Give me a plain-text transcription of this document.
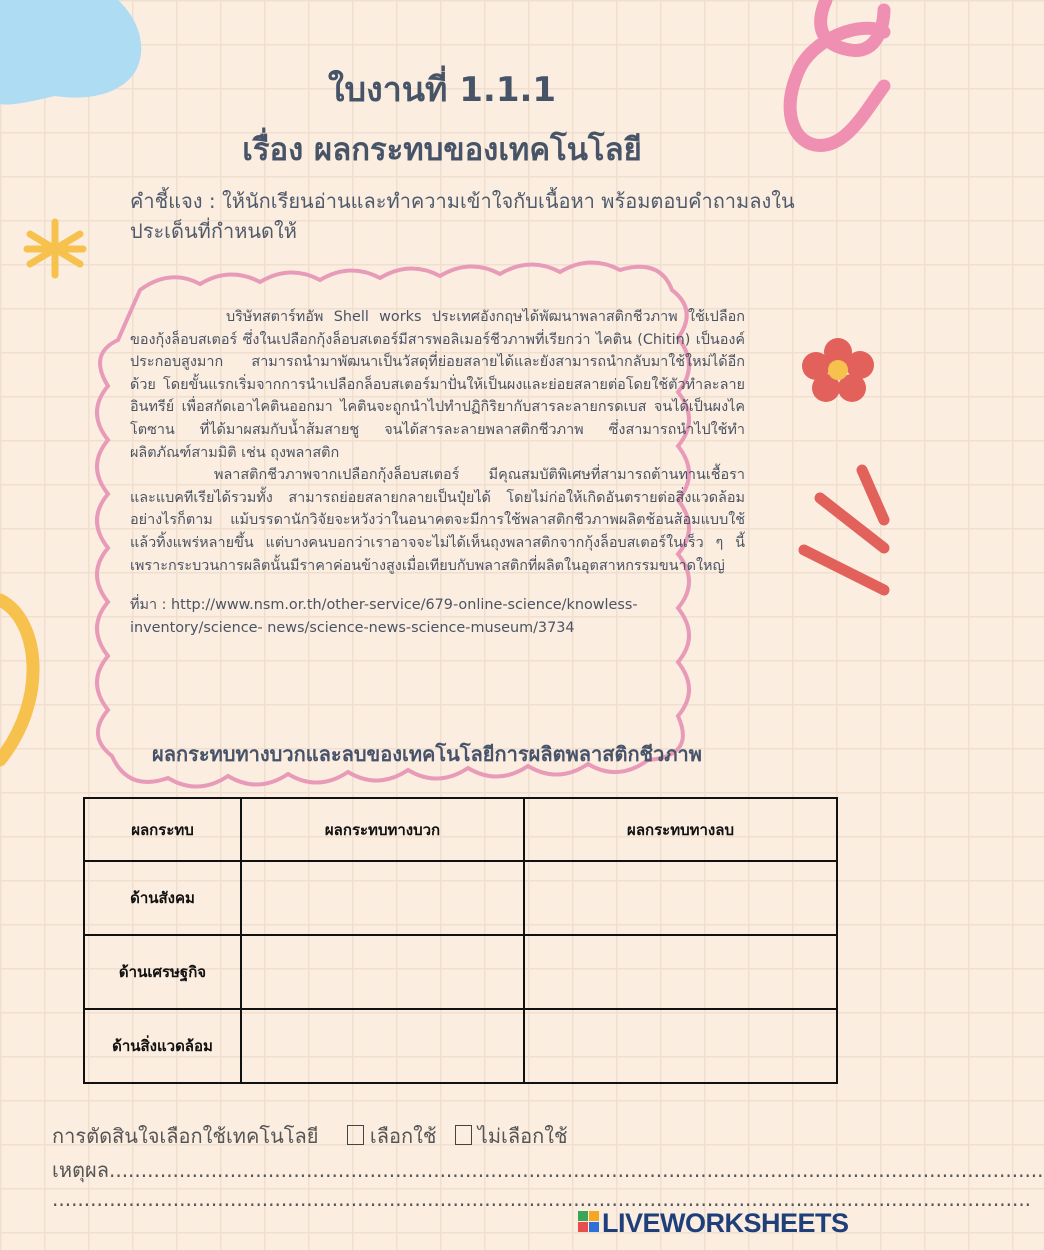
ใบงานที่ 1.1.1
เรื่อง ผลกระทบของเทคโนโลยี
คำชี้แจง : ให้นักเรียนอ่านและทำความเข้าใจกับเนื้อหา พร้อมตอบคำถามลงในประเด็นที่กำหนดให้

บริษัทสตาร์ทอัพ Shell works ประเทศอังกฤษได้พัฒนาพลาสติกชีวภาพ ใช้เปลือกของกุ้งล็อบสเตอร์ ซึ่งในเปลือกกุ้งล็อบสเตอร์มีสารพอลิเมอร์ชีวภาพที่เรียกว่า ไคติน (Chitin) เป็นองค์ประกอบสูงมาก สามารถนำมาพัฒนาเป็นวัสดุที่ย่อยสลายได้และยังสามารถนำกลับมาใช้ใหม่ได้อีกด้วย โดยขั้นแรกเริ่มจากการนำเปลือกล็อบสเตอร์มาปั่นให้เป็นผงและย่อยสลายต่อโดยใช้ตัวทำละลายอินทรีย์ เพื่อสกัดเอาไคตินออกมา ไคตินจะถูกนำไปทำปฏิกิริยากับสารละลายกรดเบส จนได้เป็นผงไคโตซาน ที่ได้มาผสมกับน้ำส้มสายชู จนได้สารละลายพลาสติกชีวภาพ ซึ่งสามารถนำไปใช้ทำผลิตภัณฑ์สามมิติ เช่น ถุงพลาสติก

พลาสติกชีวภาพจากเปลือกกุ้งล็อบสเตอร์ มีคุณสมบัติพิเศษที่สามารถต้านทานเชื้อราและแบคทีเรียได้รวมทั้ง สามารถย่อยสลายกลายเป็นปุ๋ยได้ โดยไม่ก่อให้เกิดอันตรายต่อสิ่งแวดล้อมอย่างไรก็ตาม แม้บรรดานักวิจัยจะหวังว่าในอนาคตจะมีการใช้พลาสติกชีวภาพผลิตช้อนส้อมแบบใช้แล้วทิ้งแพร่หลายขึ้น แต่บางคนบอกว่าเราอาจจะไม่ได้เห็นถุงพลาสติกจากกุ้งล็อบสเตอร์ในเร็ว ๆ นี้ เพราะกระบวนการผลิตนั้นมีราคาค่อนข้างสูงเมื่อเทียบกับพลาสติกที่ผลิตในอุตสาหกรรมขนาดใหญ่

ที่มา : http://www.nsm.or.th/other-service/679-online-science/knowless-inventory/science- news/science-news-science-museum/3734
ผลกระทบทางบวกและลบของเทคโนโลยีการผลิตพลาสติกชีวภาพ
ผลกระทบ	ผลกระทบทางบวก	ผลกระทบทางลบ
ด้านสังคม		
ด้านเศรษฐกิจ		
ด้านสิ่งแวดล้อม		
การตัดสินใจเลือกใช้เทคโนโลยี	เลือกใช้ ไม่เลือกใช้
เหตุผล...................................................................................................................................................
..........................................................................................................................................................
LIVEWORKSHEETS
